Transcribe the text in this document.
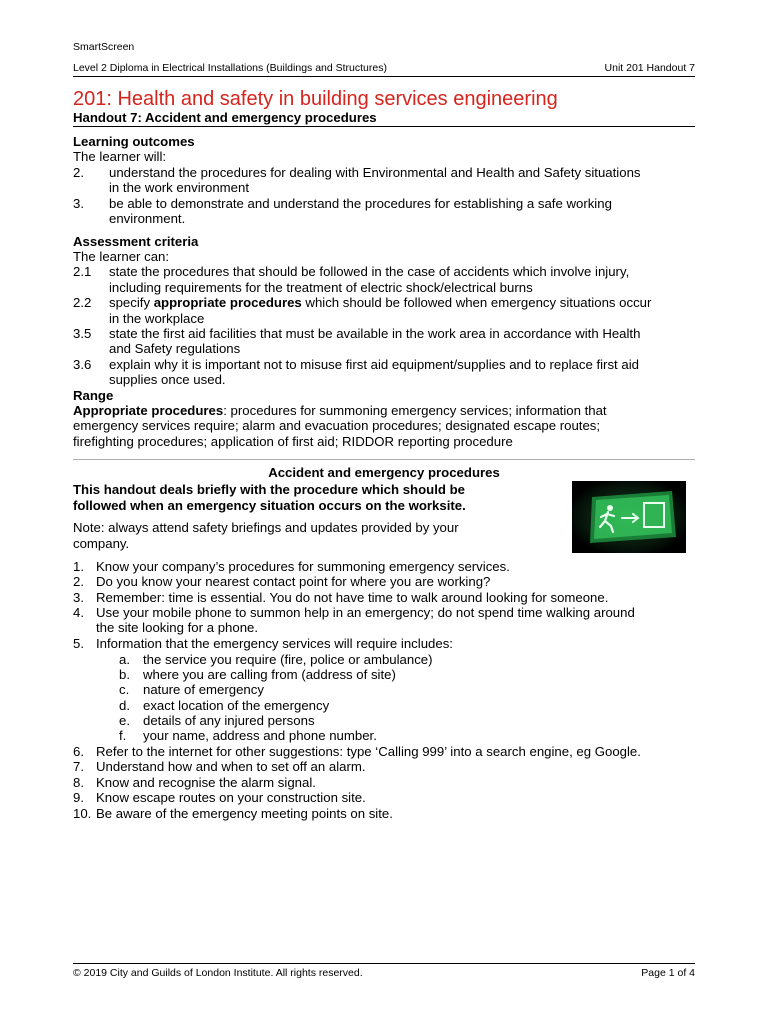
SmartScreen
Level 2 Diploma in Electrical Installations (Buildings and Structures)	Unit 201 Handout 7
201: Health and safety in building services engineering
Handout 7: Accident and emergency procedures
Learning outcomes
The learner will:
2. understand the procedures for dealing with Environmental and Health and Safety situations
in the work environment
3. be able to demonstrate and understand the procedures for establishing a safe working
environment.
Assessment criteria
The learner can:
2.1 state the procedures that should be followed in the case of accidents which involve injury,
including requirements for the treatment of electric shock/electrical burns
2.2 specify appropriate procedures which should be followed when emergency situations occur
in the workplace
3.5 state the first aid facilities that must be available in the work area in accordance with Health
and Safety regulations
3.6 explain why it is important not to misuse first aid equipment/supplies and to replace first aid
supplies once used.
Range
Appropriate procedures: procedures for summoning emergency services; information that
emergency services require; alarm and evacuation procedures; designated escape routes;
firefighting procedures; application of first aid; RIDDOR reporting procedure
Accident and emergency procedures
This handout deals briefly with the procedure which should be
followed when an emergency situation occurs on the worksite.
Note: always attend safety briefings and updates provided by your
company.
1. Know your company’s procedures for summoning emergency services.
2. Do you know your nearest contact point for where you are working?
3. Remember: time is essential. You do not have time to walk around looking for someone.
4. Use your mobile phone to summon help in an emergency; do not spend time walking around
the site looking for a phone.
5. Information that the emergency services will require includes:
a. the service you require (fire, police or ambulance)
b. where you are calling from (address of site)
c. nature of emergency
d. exact location of the emergency
e. details of any injured persons
f. your name, address and phone number.
6. Refer to the internet for other suggestions: type ‘Calling 999’ into a search engine, eg Google.
7. Understand how and when to set off an alarm.
8. Know and recognise the alarm signal.
9. Know escape routes on your construction site.
10. Be aware of the emergency meeting points on site.
© 2019 City and Guilds of London Institute. All rights reserved.	Page 1 of 4
